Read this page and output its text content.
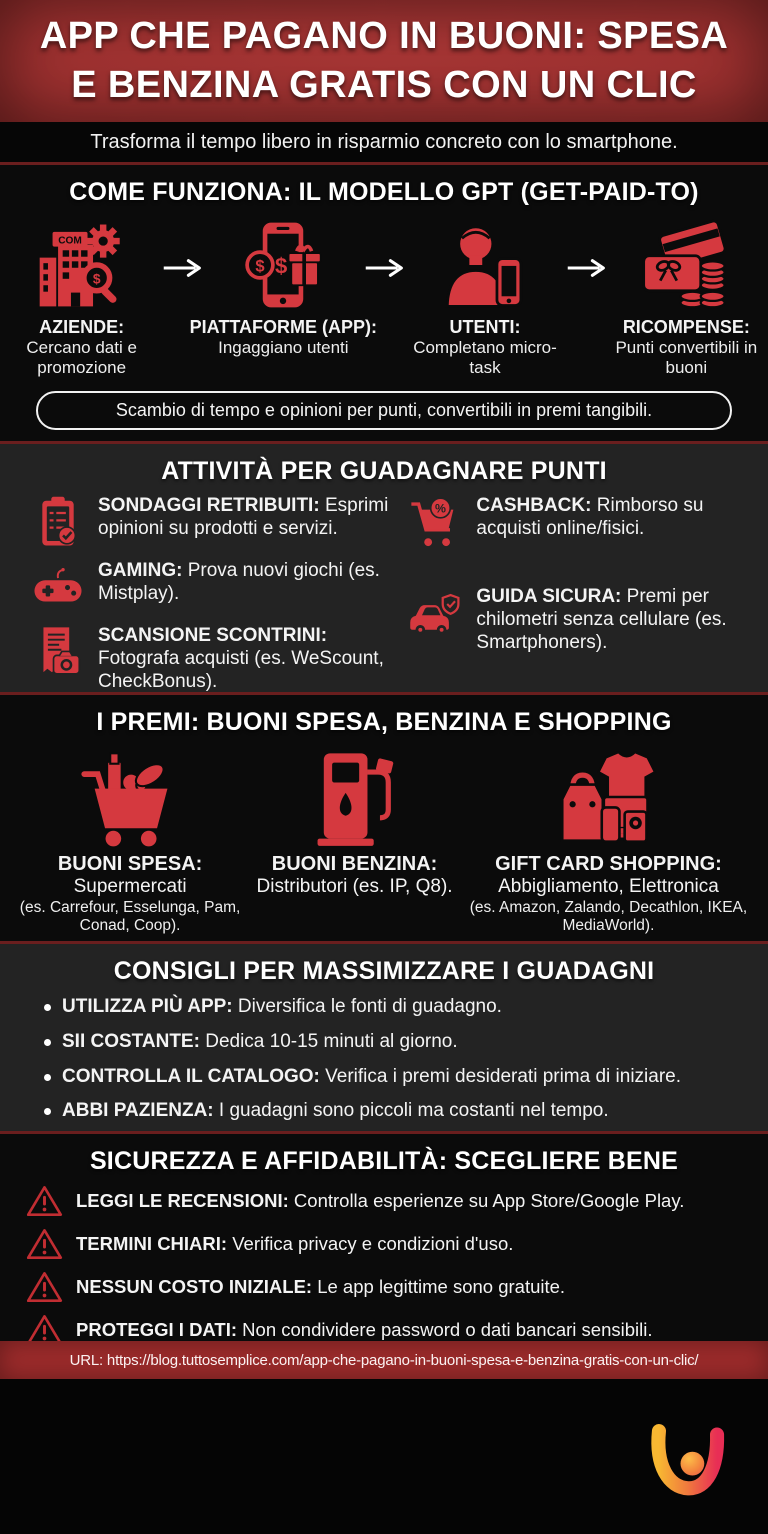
APP CHE PAGANO IN BUONI: SPESA
E BENZINA GRATIS CON UN CLIC

Trasforma il tempo libero in risparmio concreto con lo smartphone.

COME FUNZIONA: IL MODELLO GPT (GET-PAID-TO)
COM
$
AZIENDE:
Cercano dati e promozione
$
$
PIATTAFORME (APP):
Ingaggiano utenti
UTENTI:
Completano micro-task
RICOMPENSE:
Punti convertibili in buoni
Scambio di tempo e opinioni per punti, convertibili in premi tangibili.
ATTIVITÀ PER GUADAGNARE PUNTI

SONDAGGI RETRIBUITI: Esprimi opinioni su prodotti e servizi.

GAMING: Prova nuovi giochi (es. Mistplay).

SCANSIONE SCONTRINI: Fotografa acquisti (es. WeScount, CheckBonus).

% CASHBACK: Rimborso su acquisti online/fisici.

GUIDA SICURA: Premi per chilometri senza cellulare (es. Smartphoners).

I PREMI: BUONI SPESA, BENZINA E SHOPPING
BUONI SPESA:
Supermercati
(es. Carrefour, Esselunga, Pam, Conad, Coop).
BUONI BENZINA:
Distributori (es. IP, Q8).
GIFT CARD SHOPPING:
Abbigliamento, Elettronica
(es. Amazon, Zalando, Decathlon, IKEA, MediaWorld).
CONSIGLI PER MASSIMIZZARE I GUADAGNI

UTILIZZA PIÙ APP: Diversifica le fonti di guadagno.

SII COSTANTE: Dedica 10-15 minuti al giorno.

CONTROLLA IL CATALOGO: Verifica i premi desiderati prima di iniziare.

ABBI PAZIENZA: I guadagni sono piccoli ma costanti nel tempo.

SICUREZZA E AFFIDABILITÀ: SCEGLIERE BENE

LEGGI LE RECENSIONI: Controlla esperienze su App Store/Google Play.

TERMINI CHIARI: Verifica privacy e condizioni d'uso.

NESSUN COSTO INIZIALE: Le app legittime sono gratuite.

PROTEGGI I DATI: Non condividere password o dati bancari sensibili.

URL: https://blog.tuttosemplice.com/app-che-pagano-in-buoni-spesa-e-benzina-gratis-con-un-clic/
